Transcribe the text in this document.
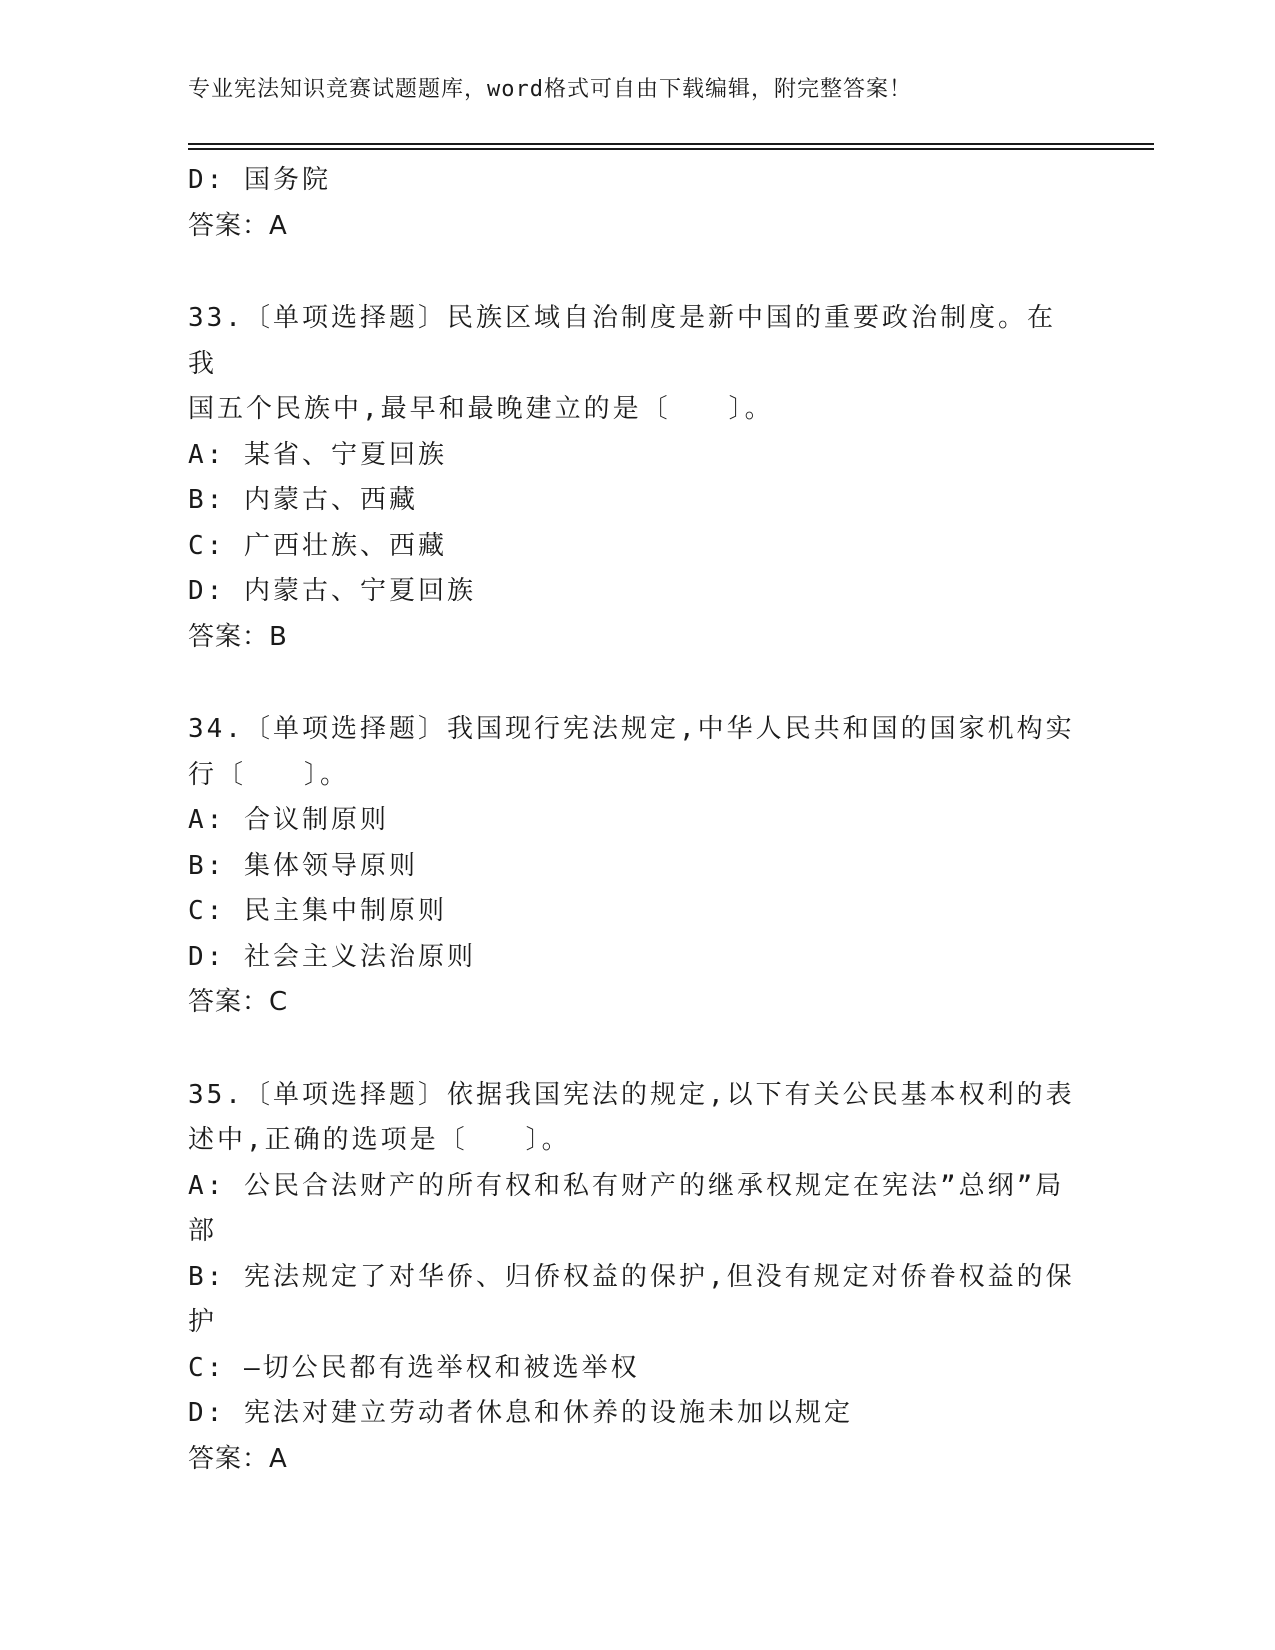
专业宪法知识竞赛试题题库，word格式可自由下载编辑，附完整答案！

D: 国务院

答案：A

33.〔单项选择题〕民族区域自治制度是新中国的重要政治制度。在我

国五个民族中,最早和最晚建立的是〔　　〕。

A: 某省、宁夏回族

B: 内蒙古、西藏

C: 广西壮族、西藏

D: 内蒙古、宁夏回族

答案：B

34.〔单项选择题〕我国现行宪法规定,中华人民共和国的国家机构实

行〔　　〕。

A: 合议制原则

B: 集体领导原则

C: 民主集中制原则

D: 社会主义法治原则

答案：C

35.〔单项选择题〕依据我国宪法的规定,以下有关公民基本权利的表

述中,正确的选项是〔　　〕。

A: 公民合法财产的所有权和私有财产的继承权规定在宪法”总纲”局

部

B: 宪法规定了对华侨、归侨权益的保护,但没有规定对侨眷权益的保

护

C: —切公民都有选举权和被选举权

D: 宪法对建立劳动者休息和休养的设施未加以规定

答案：A
